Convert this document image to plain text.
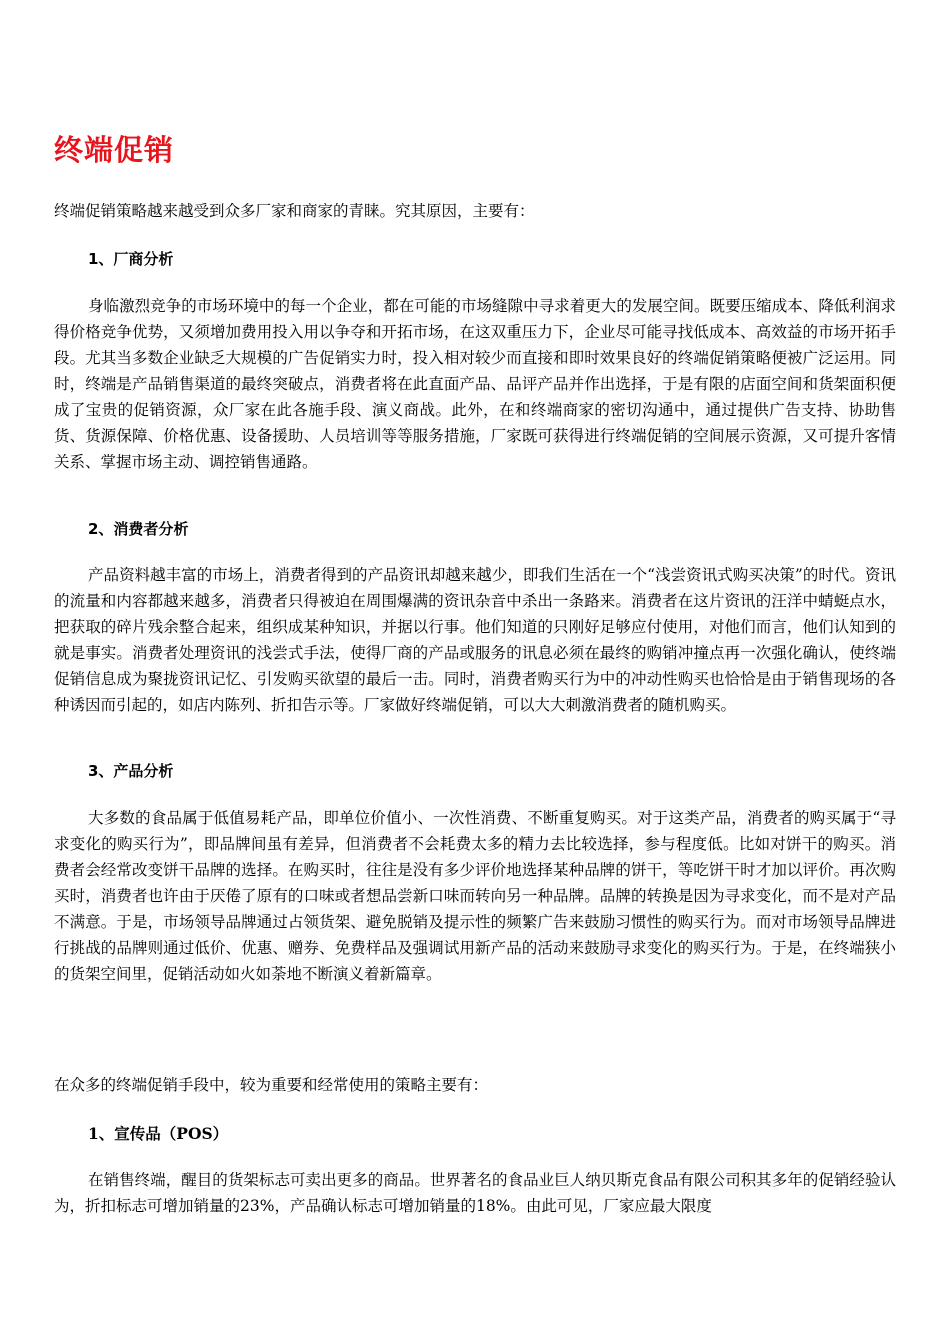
终端促销

终端促销策略越来越受到众多厂家和商家的青睐。究其原因，主要有：

1、厂商分析

身临激烈竞争的市场环境中的每一个企业，都在可能的市场缝隙中寻求着更大的发展空间。既要压缩成本、降低利润求得价格竞争优势，又须增加费用投入用以争夺和开拓市场，在这双重压力下，企业尽可能寻找低成本、高效益的市场开拓手段。尤其当多数企业缺乏大规模的广告促销实力时，投入相对较少而直接和即时效果良好的终端促销策略便被广泛运用。同时，终端是产品销售渠道的最终突破点，消费者将在此直面产品、品评产品并作出选择，于是有限的店面空间和货架面积便成了宝贵的促销资源，众厂家在此各施手段、演义商战。此外，在和终端商家的密切沟通中，通过提供广告支持、协助售货、货源保障、价格优惠、设备援助、人员培训等等服务措施，厂家既可获得进行终端促销的空间展示资源，又可提升客情关系、掌握市场主动、调控销售通路。

2、消费者分析

产品资料越丰富的市场上，消费者得到的产品资讯却越来越少，即我们生活在一个“浅尝资讯式购买决策”的时代。资讯的流量和内容都越来越多，消费者只得被迫在周围爆满的资讯杂音中杀出一条路来。消费者在这片资讯的汪洋中蜻蜓点水，把获取的碎片残余整合起来，组织成某种知识，并据以行事。他们知道的只刚好足够应付使用，对他们而言，他们认知到的就是事实。消费者处理资讯的浅尝式手法，使得厂商的产品或服务的讯息必须在最终的购销冲撞点再一次强化确认，使终端促销信息成为聚拢资讯记忆、引发购买欲望的最后一击。同时，消费者购买行为中的冲动性购买也恰恰是由于销售现场的各种诱因而引起的，如店内陈列、折扣告示等。厂家做好终端促销，可以大大刺激消费者的随机购买。

3、产品分析

大多数的食品属于低值易耗产品，即单位价值小、一次性消费、不断重复购买。对于这类产品，消费者的购买属于“寻求变化的购买行为”，即品牌间虽有差异，但消费者不会耗费太多的精力去比较选择，参与程度低。比如对饼干的购买。消费者会经常改变饼干品牌的选择。在购买时，往往是没有多少评价地选择某种品牌的饼干，等吃饼干时才加以评价。再次购买时，消费者也许由于厌倦了原有的口味或者想品尝新口味而转向另一种品牌。品牌的转换是因为寻求变化，而不是对产品不满意。于是，市场领导品牌通过占领货架、避免脱销及提示性的频繁广告来鼓励习惯性的购买行为。而对市场领导品牌进行挑战的品牌则通过低价、优惠、赠券、免费样品及强调试用新产品的活动来鼓励寻求变化的购买行为。于是，在终端狭小的货架空间里，促销活动如火如荼地不断演义着新篇章。

在众多的终端促销手段中，较为重要和经常使用的策略主要有：

1、宣传品（POS）

在销售终端，醒目的货架标志可卖出更多的商品。世界著名的食品业巨人纳贝斯克食品有限公司积其多年的促销经验认为，折扣标志可增加销量的23%，产品确认标志可增加销量的18%。由此可见，厂家应最大限度
